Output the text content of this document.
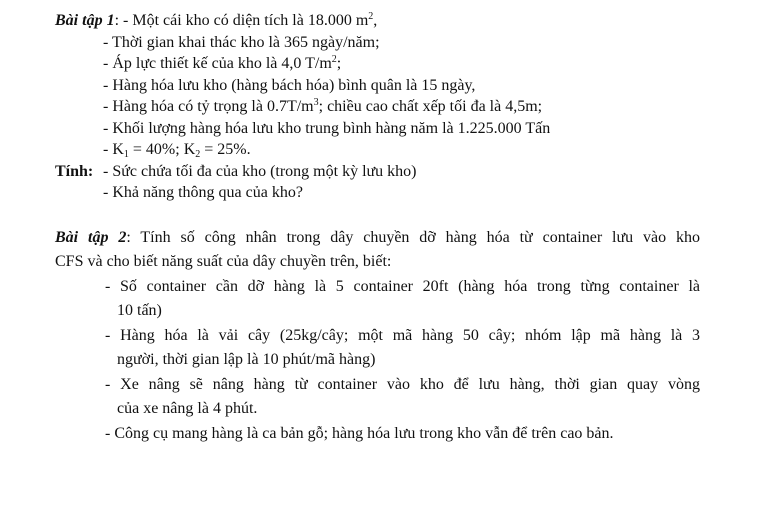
Bài tập 1: - Một cái kho có diện tích là 18.000 $m^2$,
- Thời gian khai thác kho là 365 ngày/năm;
- Áp lực thiết kế của kho là 4,0 $T/m^2$;
- Hàng hóa lưu kho (hàng bách hóa) bình quân là 15 ngày,
- Hàng hóa có tỷ trọng là $0.7T/m^3$; chiều cao chất xếp tối đa là 4,5m;
- Khối lượng hàng hóa lưu kho trung bình hàng năm là 1.225.000 Tấn
- $K_1 = 40\%$; $K_2 = 25\%$.
Tính: - Sức chứa tối đa của kho (trong một kỳ lưu kho)
- Khả năng thông qua của kho?
Bài tập 2: Tính số công nhân trong dây chuyền dỡ hàng hóa từ container lưu vào kho
CFS và cho biết năng suất của dây chuyền trên, biết:
- Số container cần dỡ hàng là 5 container 20ft (hàng hóa trong từng container là
10 tấn)
- Hàng hóa là vải cây (25kg/cây; một mã hàng 50 cây; nhóm lập mã hàng là 3
người, thời gian lập là 10 phút/mã hàng)
- Xe nâng sẽ nâng hàng từ container vào kho để lưu hàng, thời gian quay vòng
của xe nâng là 4 phút.
- Công cụ mang hàng là ca bản gỗ; hàng hóa lưu trong kho vẫn để trên cao bản.
